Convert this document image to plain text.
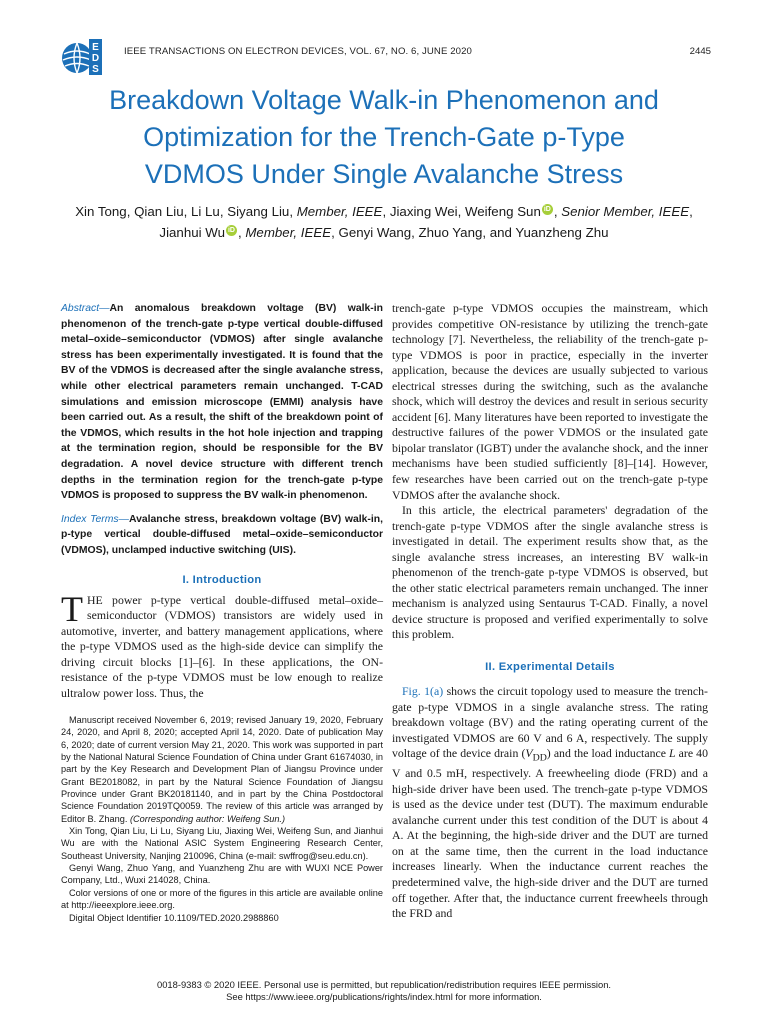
E
D
S
IEEE TRANSACTIONS ON ELECTRON DEVICES, VOL. 67, NO. 6, JUNE 2020	2445
Breakdown Voltage Walk-in Phenomenon and
Optimization for the Trench-Gate p-Type
VDMOS Under Single Avalanche Stress
Xin Tong, Qian Liu, Li Lu, Siyang Liu, Member, IEEE, Jiaxing Wei, Weifeng Sun iD , Senior Member, IEEE,
Jianhui Wu iD , Member, IEEE, Genyi Wang, Zhuo Yang, and Yuanzheng Zhu

Abstract—An anomalous breakdown voltage (BV) walk-in phenomenon of the trench-gate p-type vertical double-diffused metal–oxide–semiconductor (VDMOS) after single avalanche stress has been experimentally investigated. It is found that the BV of the VDMOS is decreased after the single avalanche stress, while other electrical parameters remain unchanged. T-CAD simulations and emission microscope (EMMI) analysis have been carried out. As a result, the shift of the breakdown point of the VDMOS, which results in the hot hole injection and trapping at the termination region, should be responsible for the BV degradation. A novel device structure with different trench depths in the termination region for the trench-gate p-type VDMOS is proposed to suppress the BV walk-in phenomenon.

Index Terms—Avalanche stress, breakdown voltage (BV) walk-in, p-type vertical double-diffused metal–oxide–semiconductor (VDMOS), unclamped inductive switching (UIS).

I. Introduction

THE power p-type vertical double-diffused metal–oxide–semiconductor (VDMOS) transistors are widely used in automotive, inverter, and battery management applications, where the p-type VDMOS used as the high-side device can simplify the driving circuit blocks [1]–[6]. In these applications, the ON-resistance of the p-type VDMOS must be low enough to realize ultralow power loss. Thus, the

Manuscript received November 6, 2019; revised January 19, 2020, February 24, 2020, and April 8, 2020; accepted April 14, 2020. Date of publication May 6, 2020; date of current version May 21, 2020. This work was supported in part by the National Natural Science Foundation of China under Grant 61674030, in part by the Key Research and Development Plan of Jiangsu Province under Grant BE2018082, in part by the Natural Science Foundation of Jiangsu Province under Grant BK20181140, and in part by the China Postdoctoral Science Foundation 2019TQ0059. The review of this article was arranged by Editor B. Zhang. (Corresponding author: Weifeng Sun.)

Xin Tong, Qian Liu, Li Lu, Siyang Liu, Jiaxing Wei, Weifeng Sun, and Jianhui Wu are with the National ASIC System Engineering Research Center, Southeast University, Nanjing 210096, China (e-mail: swffrog@seu.edu.cn).

Genyi Wang, Zhuo Yang, and Yuanzheng Zhu are with WUXI NCE Power Company, Ltd., Wuxi 214028, China.

Color versions of one or more of the figures in this article are available online at http://ieeexplore.ieee.org.

Digital Object Identifier 10.1109/TED.2020.2988860

trench-gate p-type VDMOS occupies the mainstream, which provides competitive ON-resistance by utilizing the trench-gate technology [7]. Nevertheless, the reliability of the trench-gate p-type VDMOS is poor in practice, especially in the inverter application, because the devices are usually subjected to various electrical stresses during the switching, such as the avalanche shock, which will destroy the devices and result in serious security accident [6]. Many literatures have been reported to investigate the destructive failures of the power VDMOS or the insulated gate bipolar translator (IGBT) under the avalanche shock, and the inner mechanisms have been studied sufficiently [8]–[14]. However, few researches have been carried out on the trench-gate p-type VDMOS after the avalanche shock.

In this article, the electrical parameters' degradation of the trench-gate p-type VDMOS after the single avalanche stress is investigated in detail. The experiment results show that, as the single avalanche stress increases, an interesting BV walk-in phenomenon of the trench-gate p-type VDMOS is observed, but the other static electrical parameters remain unchanged. The inner mechanism is analyzed using Sentaurus T-CAD. Finally, a novel device structure is proposed and verified experimentally to solve this problem.

II. Experimental Details

Fig. 1(a) shows the circuit topology used to measure the trench-gate p-type VDMOS in a single avalanche stress. The rating breakdown voltage (BV) and the rating operating current of the investigated VDMOS are 60 V and 6 A, respectively. The supply voltage of the device drain $(V_{DD})$ and the load inductance L are 40 V and 0.5 mH, respectively. A freewheeling diode (FRD) and a high-side driver have been used. The trench-gate p-type VDMOS is used as the device under test (DUT). The maximum endurable avalanche current under this test condition of the DUT is about 4 A. At the beginning, the high-side driver and the DUT are turned on at the same time, then the current in the load inductance increases linearly. When the inductance current reaches the predetermined valve, the high-side driver and the DUT are turned off together. After that, the inductance current freewheels through the FRD and

0018-9383 © 2020 IEEE. Personal use is permitted, but republication/redistribution requires IEEE permission.
See https://www.ieee.org/publications/rights/index.html for more information.
